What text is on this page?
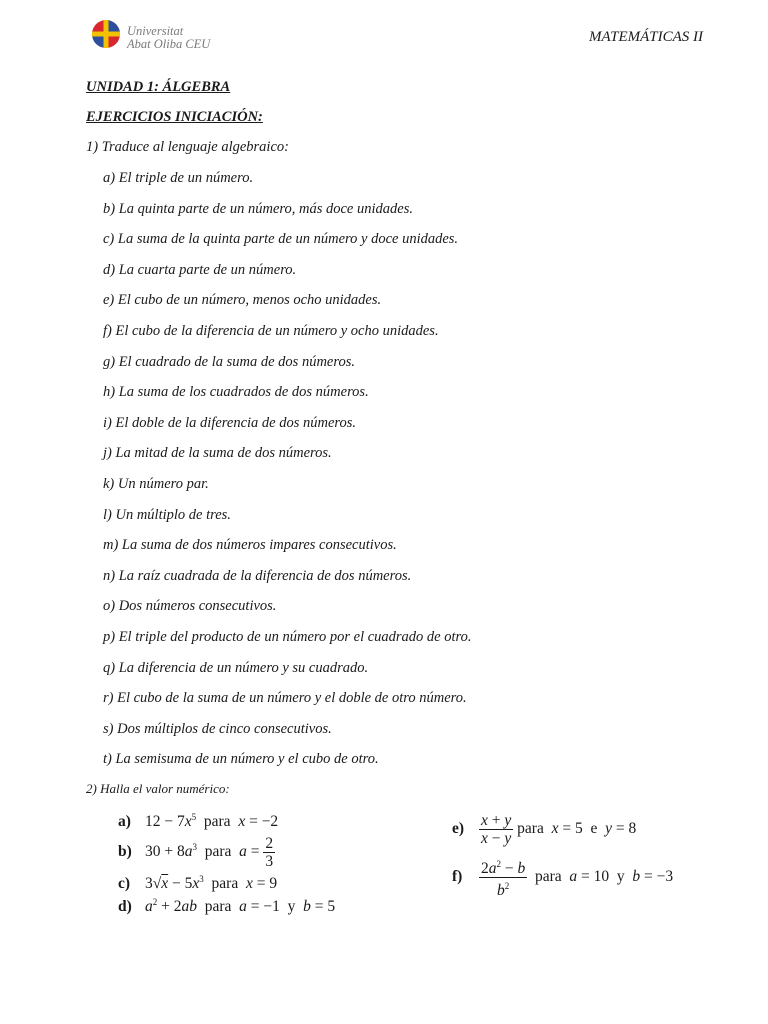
Universitat
Abat Oliba CEU	MATEMÁTICAS II
UNIDAD 1: ÁLGEBRA
EJERCICIOS INICIACIÓN:
1) Traduce al lenguaje algebraico:
a) El triple de un número.
b) La quinta parte de un número, más doce unidades.
c) La suma de la quinta parte de un número y doce unidades.
d) La cuarta parte de un número.
e) El cubo de un número, menos ocho unidades.
f) El cubo de la diferencia de un número y ocho unidades.
g) El cuadrado de la suma de dos números.
h) La suma de los cuadrados de dos números.
i) El doble de la diferencia de dos números.
j) La mitad de la suma de dos números.
k) Un número par.
l) Un múltiplo de tres.
m) La suma de dos números impares consecutivos.
n) La raíz cuadrada de la diferencia de dos números.
o) Dos números consecutivos.
p) El triple del producto de un número por el cuadrado de otro.
q) La diferencia de un número y su cuadrado.
r) El cubo de la suma de un número y el doble de otro número.
s) Dos múltiplos de cinco consecutivos.
t) La semisuma de un número y el cubo de otro.
2) Halla el valor numérico:
a) $12 - 7x^5$ para x = −2
b) $30 + 8a^3$ para $a = \frac{2}{3}$
c) $3√x - 5x^3$ para x = 9
d) $a^2 + 2ab$ para a = −1  y b = 5
$e) \frac{x + y}{x - y}$ para x = 5  e y = 8
$f) \frac{2a^2 - b}{b^2}$ para a = 10  y b = −3
